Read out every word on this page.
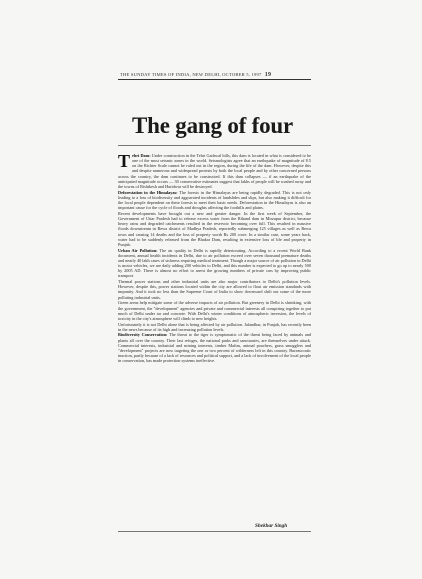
THE SUNDAY TIMES OF INDIA, NEW DELHI, OCTOBER 5, 1997 19
The gang of four

Tehri Dam: Under construction in the Tehri Garhwal hills, this dam is located in what is considered to be one of the most seismic zones in the world. Seismologists agree that an earthquake of magnitude of 8.5 on the Richter Scale cannot be ruled out in the region, during the life of the dam. However, despite this and despite numerous and widespread protests by both the local people and by other concerned persons across the country, the dam continues to be constructed. If this dam collapses — if an earthquake of the anticipated magnitude occurs — 30 conservative estimates suggest that lakhs of people will be washed away and the towns of Rishikesh and Haridwar will be destroyed.

Deforestation in the Himalayas: The forests in the Himalayas are being rapidly degraded. This is not only leading to a loss of biodiversity and aggravated incidents of landslides and slips, but also making it difficult for the local people dependent on these forests to meet their basic needs. Deforestation in the Himalayas is also an important cause for the cycle of floods and droughts affecting the foothills and plains.

Recent developments have brought out a new and greater danger. In the first week of September, the Government of Uttar Pradesh had to release excess water from the Rihand dam in Mirzapur district, because heavy rains and degraded catchments resulted in the reservoir becoming over full. This resulted in massive floods downstream in Rewa district of Madhya Pradesh, reportedly submerging 125 villages as well as Rewa town and causing 14 deaths and the loss of property worth Rs 200 crore. In a similar case, some years back, water had to be suddenly released from the Bhakra Dam, resulting in extensive loss of life and property in Punjab.

Urban Air Pollution: The air quality in Delhi is rapidly deteriorating. According to a recent World Bank document, annual health incidents in Delhi, due to air pollution exceed over seven thousand premature deaths and nearly 40 lakh cases of sickness requiring medical treatment. Though a major source of air pollution in Delhi is motor vehicles, we are daily adding 200 vehicles to Delhi, and this number is expected to go up to nearly 500 by 2005 AD. There is almost no effort to arrest the growing numbers of private cars by improving public transport.

Thermal power stations and other industrial units are also major contributors to Delhi's pollution levels. However, despite this, power stations located within the city are allowed to flout air emission standards with impunity. And it took no less than the Supreme Court of India to show downward shift out some of the more polluting industrial units.

Green areas help mitigate some of the adverse impacts of air pollution. But greenery in Delhi is shrinking, with the government, the "development" agencies and private and commercial interests all conspiring together to put much of Delhi under tar and concrete. With Delhi's winter conditions of atmospheric inversion, the levels of toxicity in the city's atmosphere will climb to new heights.

Unfortunately it is not Delhi alone that is being affected by air pollution. Jalandhar, in Punjab, has recently been in the news because of its high and increasing pollution levels.

Biodiversity Conservation: The threat to the tiger is symptomatic of the threat being faced by animals and plants all over the country. Their last refuges, the national parks and sanctuaries, are themselves under attack. Commercial interests, industrial and mining interests, timber Mafias, animal poachers, grass smugglers and "development" projects are now targeting the one or two percent of wilderness left in this country. Bureaucratic inaction, partly because of a lack of resources and political support, and a lack of involvement of the local people in conservation, has made protection systems ineffective.

Shekhar Singh
